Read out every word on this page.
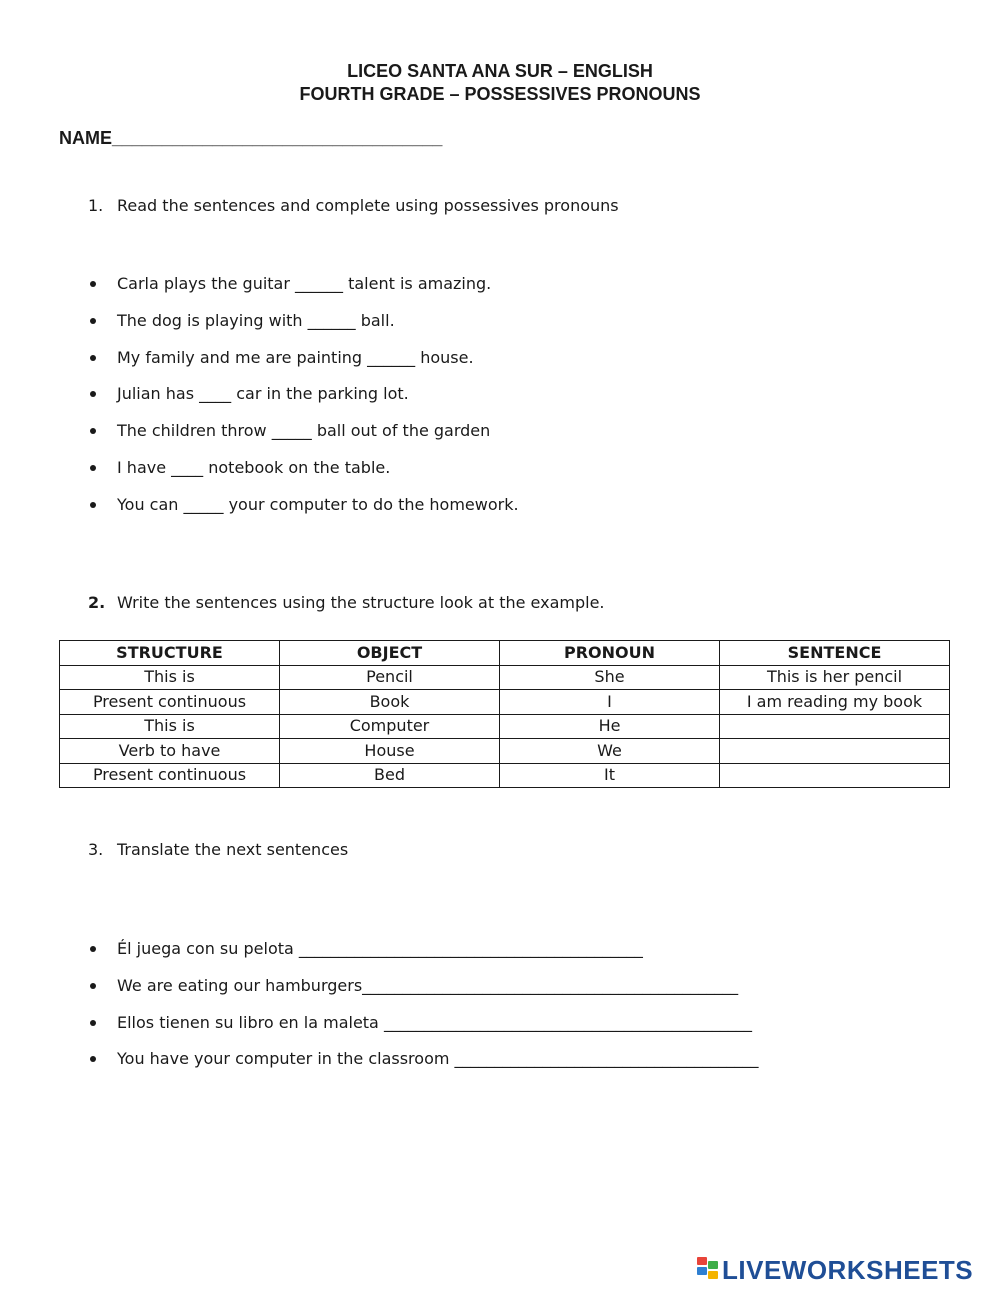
LICEO SANTA ANA SUR – ENGLISH
FOURTH GRADE – POSSESSIVES PRONOUNS
NAME_________________________________
1. Read the sentences and complete using possessives pronouns
Carla plays the guitar ______ talent is amazing.
The dog is playing with ______ ball.
My family and me are painting ______ house.
Julian has ____ car in the parking lot.
The children throw _____ ball out of the garden
I have ____ notebook on the table.
You can _____ your computer to do the homework.
2. Write the sentences using the structure look at the example.
STRUCTURE	OBJECT	PRONOUN	SENTENCE
This is	Pencil	She	This is her pencil
Present continuous	Book	I	I am reading my book
This is	Computer	He	
Verb to have	House	We	
Present continuous	Bed	It	
3. Translate the next sentences
Él juega con su pelota ___________________________________________
We are eating our hamburgers_______________________________________________
Ellos tienen su libro en la maleta ______________________________________________
You have your computer in the classroom ______________________________________
LIVEWORKSHEETS
